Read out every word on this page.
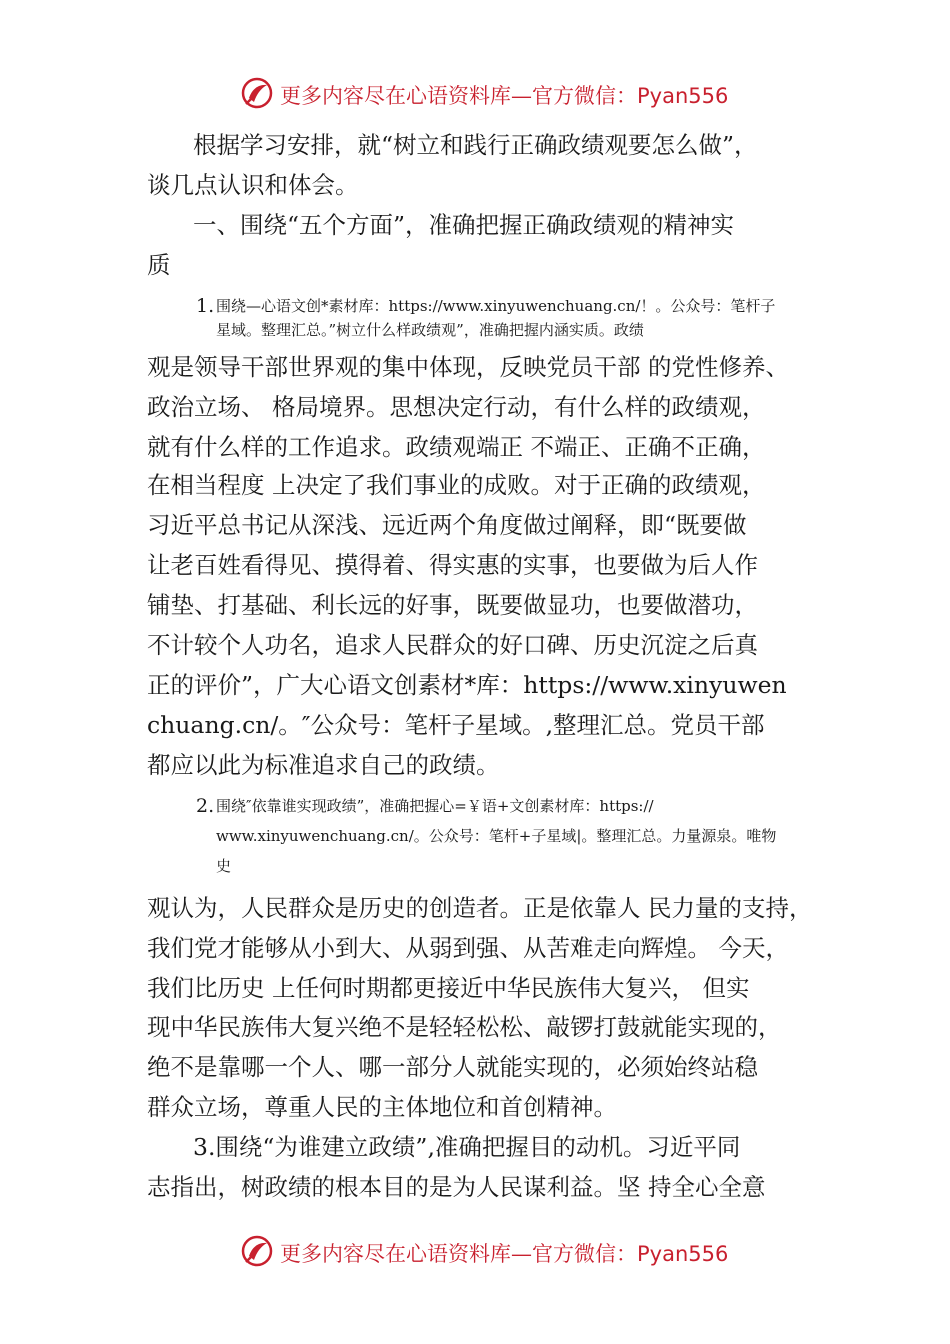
更多内容尽在心语资料库—官方微信：Pyan556
根据学习安排，就“树立和践行正确政绩观要怎么做”，
谈几点认识和体会。
一、围绕“五个方面”，准确把握正确政绩观的精神实
质
1. 围绕—心语文创*素材库：https://www.xinyuwenchuang.cn/！。公众号：笔杆子
星域。整理汇总。”树立什么样政绩观”，准确把握内涵实质。政绩
观是领导干部世界观的集中体现，反映党员干部 的党性修养、
政治立场、 格局境界。思想决定行动，有什么样的政绩观，
就有什么样的工作追求。政绩观端正 不端正、正确不正确，
在相当程度 上决定了我们事业的成败。对于正确的政绩观，
习近平总书记从深浅、远近两个角度做过阐释，即“既要做
让老百姓看得见、摸得着、得实惠的实事，也要做为后人作
铺垫、打基础、利长远的好事，既要做显功，也要做潜功，
不计较个人功名，追求人民群众的好口碑、历史沉淀之后真
正的评价”，广大心语文创素材*库：https://www.xinyuwen
chuang.cn/。″公众号：笔杆子星域。,整理汇总。党员干部
都应以此为标准追求自己的政绩。
2. 围绕″依靠谁实现政绩”，准确把握心=￥语+文创素材库：https://
www.xinyuwenchuang.cn/。公众号：笔杆+子星域|。整理汇总。力量源泉。唯物
史
观认为，人民群众是历史的创造者。正是依靠人 民力量的支持，
我们党才能够从小到大、从弱到强、从苦难走向辉煌。 今天，
我们比历史 上任何时期都更接近中华民族伟大复兴， 但实
现中华民族伟大复兴绝不是轻轻松松、敲锣打鼓就能实现的，
绝不是靠哪一个人、哪一部分人就能实现的，必须始终站稳
群众立场，尊重人民的主体地位和首创精神。
3.围绕“为谁建立政绩”,准确把握目的动机。习近平同
志指出，树政绩的根本目的是为人民谋利益。坚 持全心全意
更多内容尽在心语资料库—官方微信：Pyan556
